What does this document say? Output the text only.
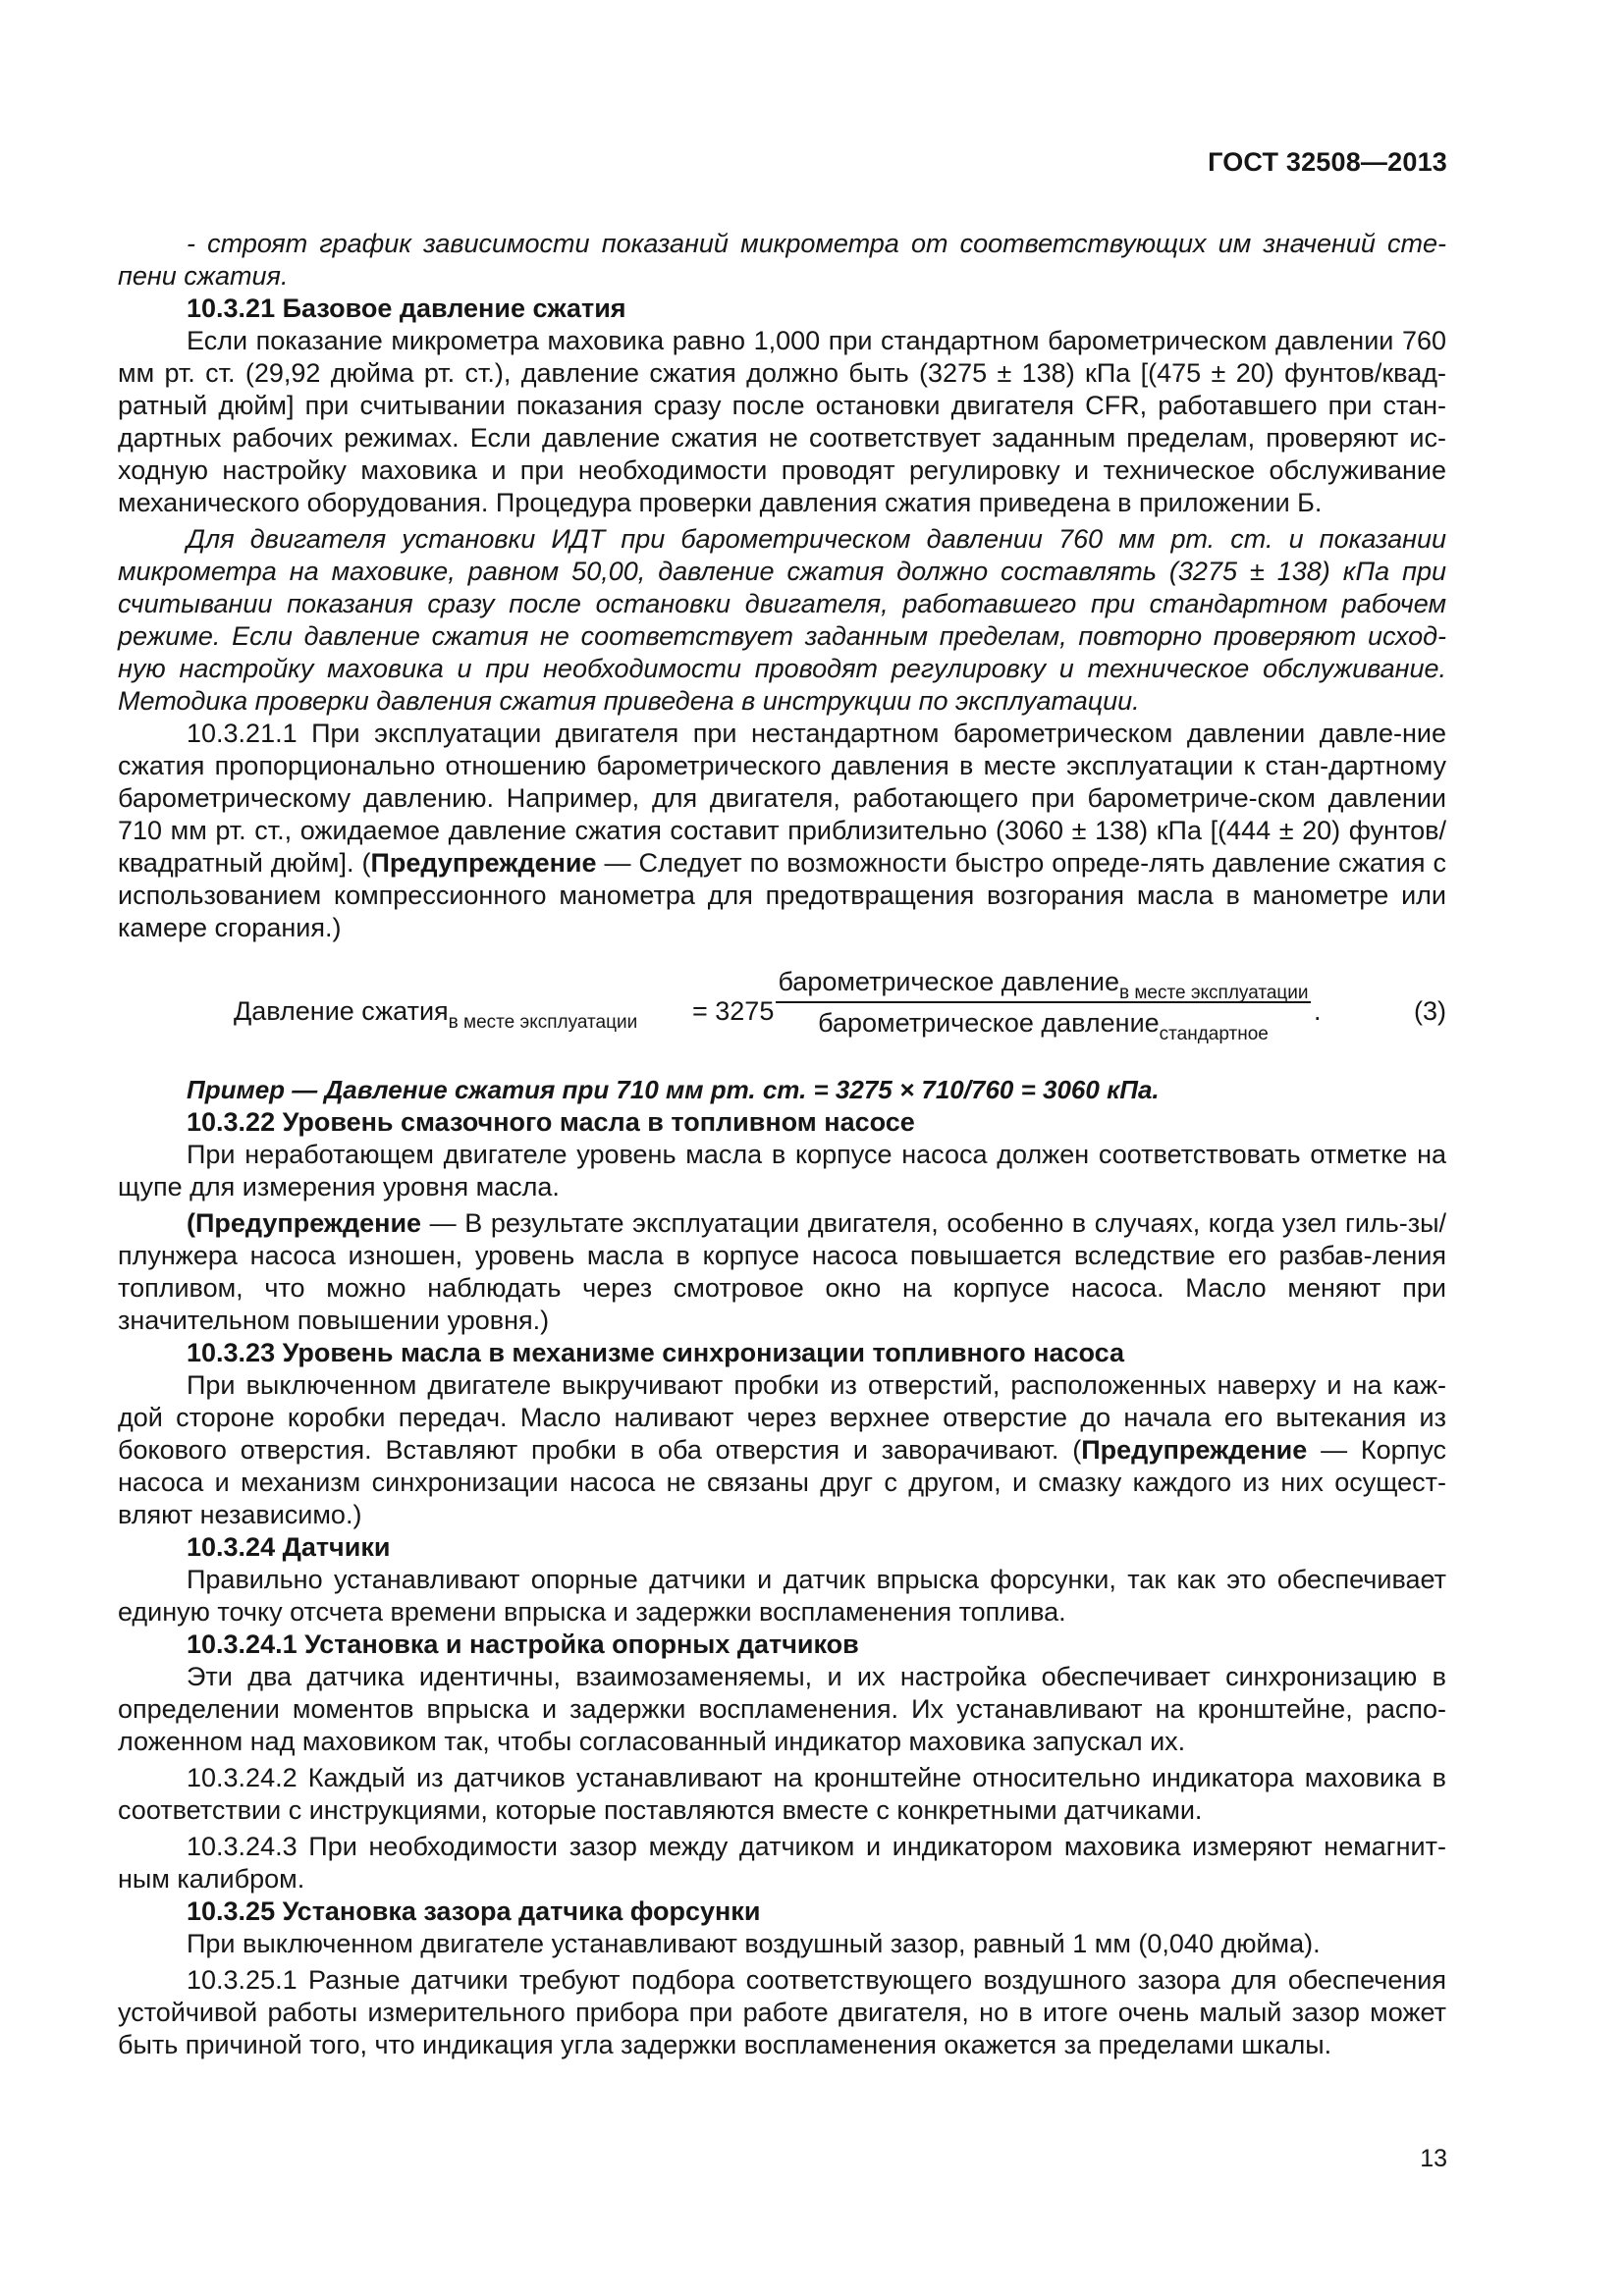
ГОСТ 32508—2013

- строят график зависимости показаний микрометра от соответствующих им значений сте-пени сжатия.

10.3.21 Базовое давление сжатия

Если показание микрометра маховика равно 1,000 при стандартном барометрическом давлении 760 мм рт. ст. (29,92 дюйма рт. ст.), давление сжатия должно быть (3275 ± 138) кПа [(475 ± 20) фунтов/квад-ратный дюйм] при считывании показания сразу после остановки двигателя CFR, работавшего при стан-дартных рабочих режимах. Если давление сжатия не соответствует заданным пределам, проверяют ис-ходную настройку маховика и при необходимости проводят регулировку и техническое обслуживание механического оборудования. Процедура проверки давления сжатия приведена в приложении Б.

Для двигателя установки ИДТ при барометрическом давлении 760 мм рт. ст. и показании микрометра на маховике, равном 50,00, давление сжатия должно составлять (3275 ± 138) кПа при считывании показания сразу после остановки двигателя, работавшего при стандартном рабочем режиме. Если давление сжатия не соответствует заданным пределам, повторно проверяют исход-ную настройку маховика и при необходимости проводят регулировку и техническое обслуживание. Методика проверки давления сжатия приведена в инструкции по эксплуатации.

10.3.21.1 При эксплуатации двигателя при нестандартном барометрическом давлении давле-ние сжатия пропорционально отношению барометрического давления в месте эксплуатации к стан-дартному барометрическому давлению. Например, для двигателя, работающего при барометриче-ском давлении 710 мм рт. ст., ожидаемое давление сжатия составит приблизительно (3060 ± 138) кПа [(444 ± 20) фунтов/квадратный дюйм]. (Предупреждение — Следует по возможности быстро опреде-лять давление сжатия с использованием компрессионного манометра для предотвращения возгорания масла в манометре или камере сгорания.)

Давление сжатия$_{в месте эксплуатации}$ = 3275
барометрическое давление$_{в месте эксплуатации}$
барометрическое давление$_{стандартное}$
.	(3)

Пример — Давление сжатия при 710 мм рт. ст. = 3275 × 710/760 = 3060 кПа.

10.3.22 Уровень смазочного масла в топливном насосе

При неработающем двигателе уровень масла в корпусе насоса должен соответствовать отметке на щупе для измерения уровня масла.

(Предупреждение — В результате эксплуатации двигателя, особенно в случаях, когда узел гиль-зы/плунжера насоса изношен, уровень масла в корпусе насоса повышается вследствие его разбав-ления топливом, что можно наблюдать через смотровое окно на корпусе насоса. Масло меняют при значительном повышении уровня.)

10.3.23 Уровень масла в механизме синхронизации топливного насоса

При выключенном двигателе выкручивают пробки из отверстий, расположенных наверху и на каж-дой стороне коробки передач. Масло наливают через верхнее отверстие до начала его вытекания из бокового отверстия. Вставляют пробки в оба отверстия и заворачивают. (Предупреждение — Корпус насоса и механизм синхронизации насоса не связаны друг с другом, и смазку каждого из них осущест-вляют независимо.)

10.3.24 Датчики

Правильно устанавливают опорные датчики и датчик впрыска форсунки, так как это обеспечивает единую точку отсчета времени впрыска и задержки воспламенения топлива.

10.3.24.1 Установка и настройка опорных датчиков

Эти два датчика идентичны, взаимозаменяемы, и их настройка обеспечивает синхронизацию в определении моментов впрыска и задержки воспламенения. Их устанавливают на кронштейне, распо-ложенном над маховиком так, чтобы согласованный индикатор маховика запускал их.

10.3.24.2 Каждый из датчиков устанавливают на кронштейне относительно индикатора маховика в соответствии с инструкциями, которые поставляются вместе с конкретными датчиками.

10.3.24.3 При необходимости зазор между датчиком и индикатором маховика измеряют немагнит-ным калибром.

10.3.25 Установка зазора датчика форсунки

При выключенном двигателе устанавливают воздушный зазор, равный 1 мм (0,040 дюйма).

10.3.25.1 Разные датчики требуют подбора соответствующего воздушного зазора для обеспечения устойчивой работы измерительного прибора при работе двигателя, но в итоге очень малый зазор может быть причиной того, что индикация угла задержки воспламенения окажется за пределами шкалы.

13
